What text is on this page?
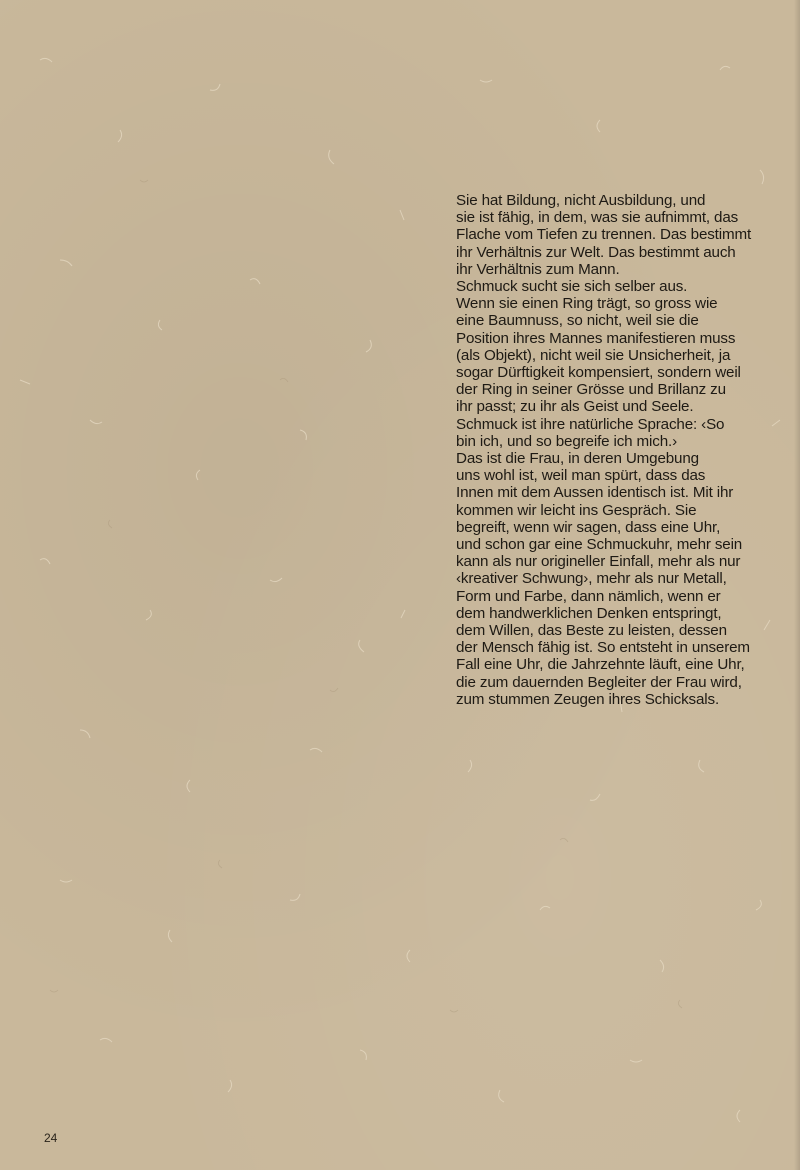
Sie hat Bildung, nicht Ausbildung, und
sie ist fähig, in dem, was sie aufnimmt, das
Flache vom Tiefen zu trennen. Das bestimmt
ihr Verhältnis zur Welt. Das bestimmt auch
ihr Verhältnis zum Mann.

Schmuck sucht sie sich selber aus.
Wenn sie einen Ring trägt, so gross wie
eine Baumnuss, so nicht, weil sie die
Position ihres Mannes manifestieren muss
(als Objekt), nicht weil sie Unsicherheit, ja
sogar Dürftigkeit kompensiert, sondern weil
der Ring in seiner Grösse und Brillanz zu
ihr passt; zu ihr als Geist und Seele.
Schmuck ist ihre natürliche Sprache: ‹So
bin ich, und so begreife ich mich.›

Das ist die Frau, in deren Umgebung
uns wohl ist, weil man spürt, dass das
Innen mit dem Aussen identisch ist. Mit ihr
kommen wir leicht ins Gespräch. Sie
begreift, wenn wir sagen, dass eine Uhr,
und schon gar eine Schmuckuhr, mehr sein
kann als nur origineller Einfall, mehr als nur
‹kreativer Schwung›, mehr als nur Metall,
Form und Farbe, dann nämlich, wenn er
dem handwerklichen Denken entspringt,
dem Willen, das Beste zu leisten, dessen
der Mensch fähig ist. So entsteht in unserem
Fall eine Uhr, die Jahrzehnte läuft, eine Uhr,
die zum dauernden Begleiter der Frau wird,
zum stummen Zeugen ihres Schicksals.

24
